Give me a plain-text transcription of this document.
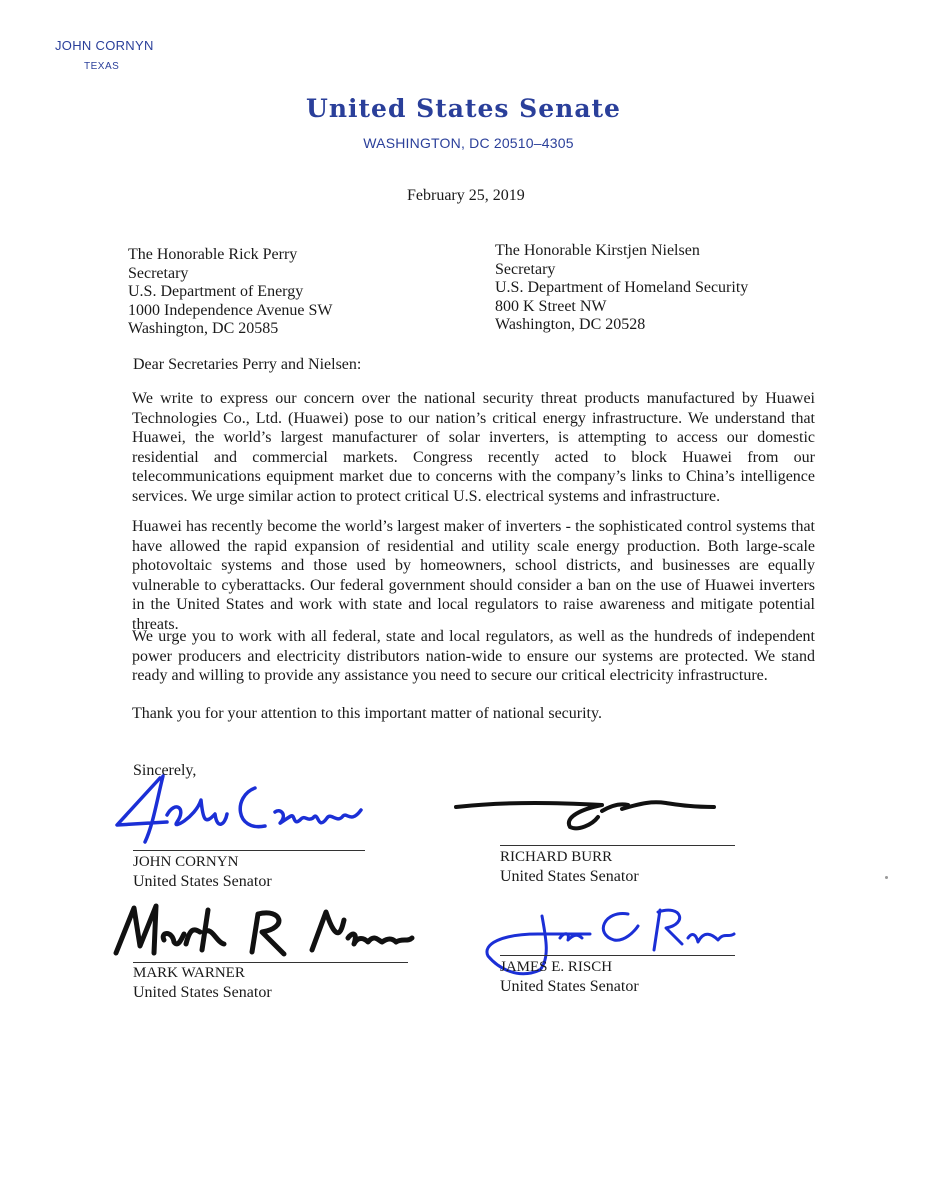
JOHN CORNYN
TEXAS
United States Senate
WASHINGTON, DC 20510–4305
February 25, 2019
The Honorable Rick Perry
Secretary
U.S. Department of Energy
1000 Independence Avenue SW
Washington, DC 20585
The Honorable Kirstjen Nielsen
Secretary
U.S. Department of Homeland Security
800 K Street NW
Washington, DC 20528
Dear Secretaries Perry and Nielsen:
We write to express our concern over the national security threat products manufactured by Huawei Technologies Co., Ltd. (Huawei) pose to our nation’s critical energy infrastructure. We understand that Huawei, the world’s largest manufacturer of solar inverters, is attempting to access our domestic residential and commercial markets. Congress recently acted to block Huawei from our telecommunications equipment market due to concerns with the company’s links to China’s intelligence services. We urge similar action to protect critical U.S. electrical systems and infrastructure.
Huawei has recently become the world’s largest maker of inverters - the sophisticated control systems that have allowed the rapid expansion of residential and utility scale energy production. Both large-scale photovoltaic systems and those used by homeowners, school districts, and businesses are equally vulnerable to cyberattacks. Our federal government should consider a ban on the use of Huawei inverters in the United States and work with state and local regulators to raise awareness and mitigate potential threats.
We urge you to work with all federal, state and local regulators, as well as the hundreds of independent power producers and electricity distributors nation-wide to ensure our systems are protected. We stand ready and willing to provide any assistance you need to secure our critical electricity infrastructure.
Thank you for your attention to this important matter of national security.
Sincerely,
JOHN CORNYN
United States Senator
RICHARD BURR
United States Senator
MARK WARNER
United States Senator
JAMES E. RISCH
United States Senator
